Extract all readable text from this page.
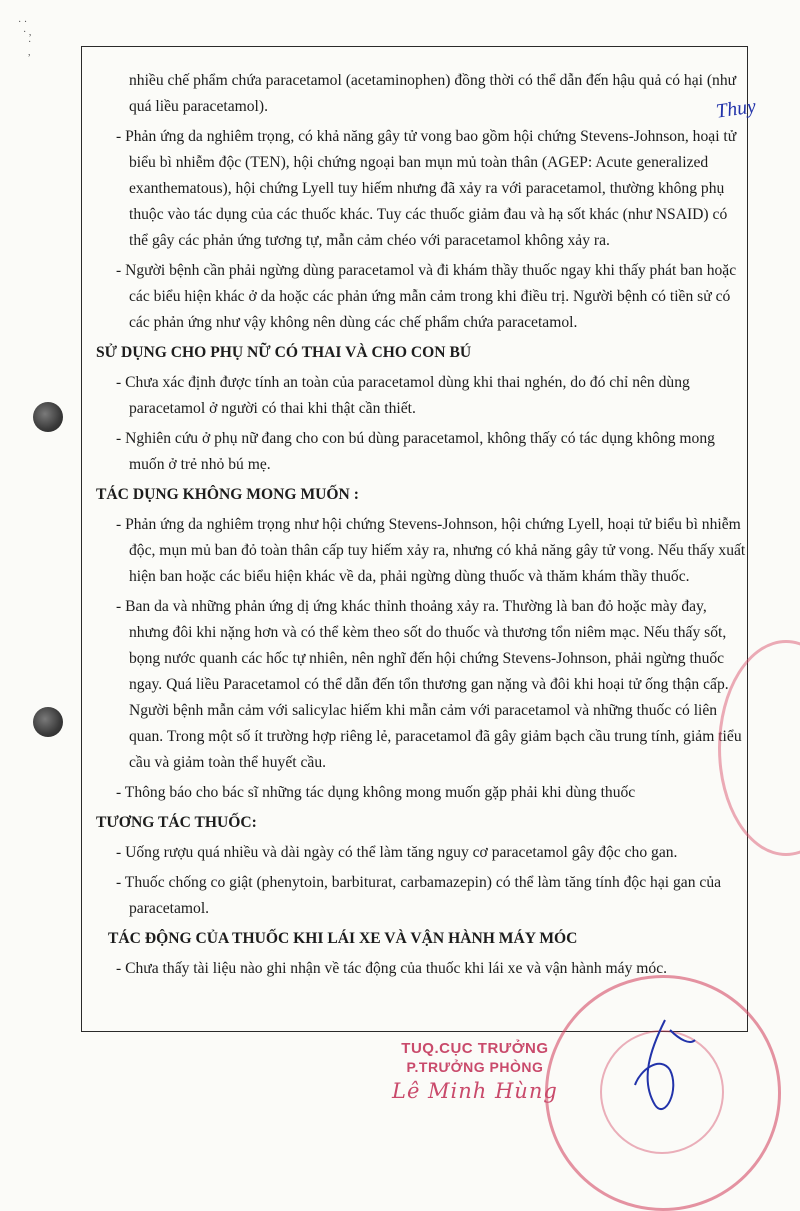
· ·
· ,
·
,
Thuy

nhiều chế phẩm chứa paracetamol (acetaminophen) đồng thời có thể dẫn đến hậu quả có hại (như quá liều paracetamol).

- Phản ứng da nghiêm trọng, có khả năng gây tử vong bao gồm hội chứng Stevens-Johnson, hoại tử biểu bì nhiễm độc (TEN), hội chứng ngoại ban mụn mủ toàn thân (AGEP: Acute generalized exanthematous), hội chứng Lyell tuy hiếm nhưng đã xảy ra với paracetamol, thường không phụ thuộc vào tác dụng của các thuốc khác. Tuy các thuốc giảm đau và hạ sốt khác (như NSAID) có thể gây các phản ứng tương tự, mẫn cảm chéo với paracetamol không xảy ra.

- Người bệnh cần phải ngừng dùng paracetamol và đi khám thầy thuốc ngay khi thấy phát ban hoặc các biểu hiện khác ở da hoặc các phản ứng mẫn cảm trong khi điều trị. Người bệnh có tiền sử có các phản ứng như vậy không nên dùng các chế phẩm chứa paracetamol.

SỬ DỤNG CHO PHỤ NỮ CÓ THAI VÀ CHO CON BÚ

- Chưa xác định được tính an toàn của paracetamol dùng khi thai nghén, do đó chỉ nên dùng paracetamol ở người có thai khi thật cần thiết.

- Nghiên cứu ở phụ nữ đang cho con bú dùng paracetamol, không thấy có tác dụng không mong muốn ở trẻ nhỏ bú mẹ.

TÁC DỤNG KHÔNG MONG MUỐN :

- Phản ứng da nghiêm trọng như hội chứng Stevens-Johnson, hội chứng Lyell, hoại tử biểu bì nhiễm độc, mụn mủ ban đỏ toàn thân cấp tuy hiếm xảy ra, nhưng có khả năng gây tử vong. Nếu thấy xuất hiện ban hoặc các biểu hiện khác về da, phải ngừng dùng thuốc và thăm khám thầy thuốc.

- Ban da và những phản ứng dị ứng khác thỉnh thoảng xảy ra. Thường là ban đỏ hoặc mày đay, nhưng đôi khi nặng hơn và có thể kèm theo sốt do thuốc và thương tổn niêm mạc. Nếu thấy sốt, bọng nước quanh các hốc tự nhiên, nên nghĩ đến hội chứng Stevens-Johnson, phải ngừng thuốc ngay. Quá liều Paracetamol có thể dẫn đến tổn thương gan nặng và đôi khi hoại tử ống thận cấp. Người bệnh mẫn cảm với salicylac hiếm khi mẫn cảm với paracetamol và những thuốc có liên quan. Trong một số ít trường hợp riêng lẻ, paracetamol đã gây giảm bạch cầu trung tính, giảm tiểu cầu và giảm toàn thể huyết cầu.

- Thông báo cho bác sĩ những tác dụng không mong muốn gặp phải khi dùng thuốc

TƯƠNG TÁC THUỐC:

- Uống rượu quá nhiều và dài ngày có thể làm tăng nguy cơ paracetamol gây độc cho gan.

- Thuốc chống co giật (phenytoin, barbiturat, carbamazepin) có thể làm tăng tính độc hại gan của paracetamol.

TÁC ĐỘNG CỦA THUỐC KHI LÁI XE VÀ VẬN HÀNH MÁY MÓC

- Chưa thấy tài liệu nào ghi nhận về tác động của thuốc khi lái xe và vận hành máy móc.

TUQ.CỤC TRƯỞNG
P.TRƯỞNG PHÒNG
Lê Minh Hùng
